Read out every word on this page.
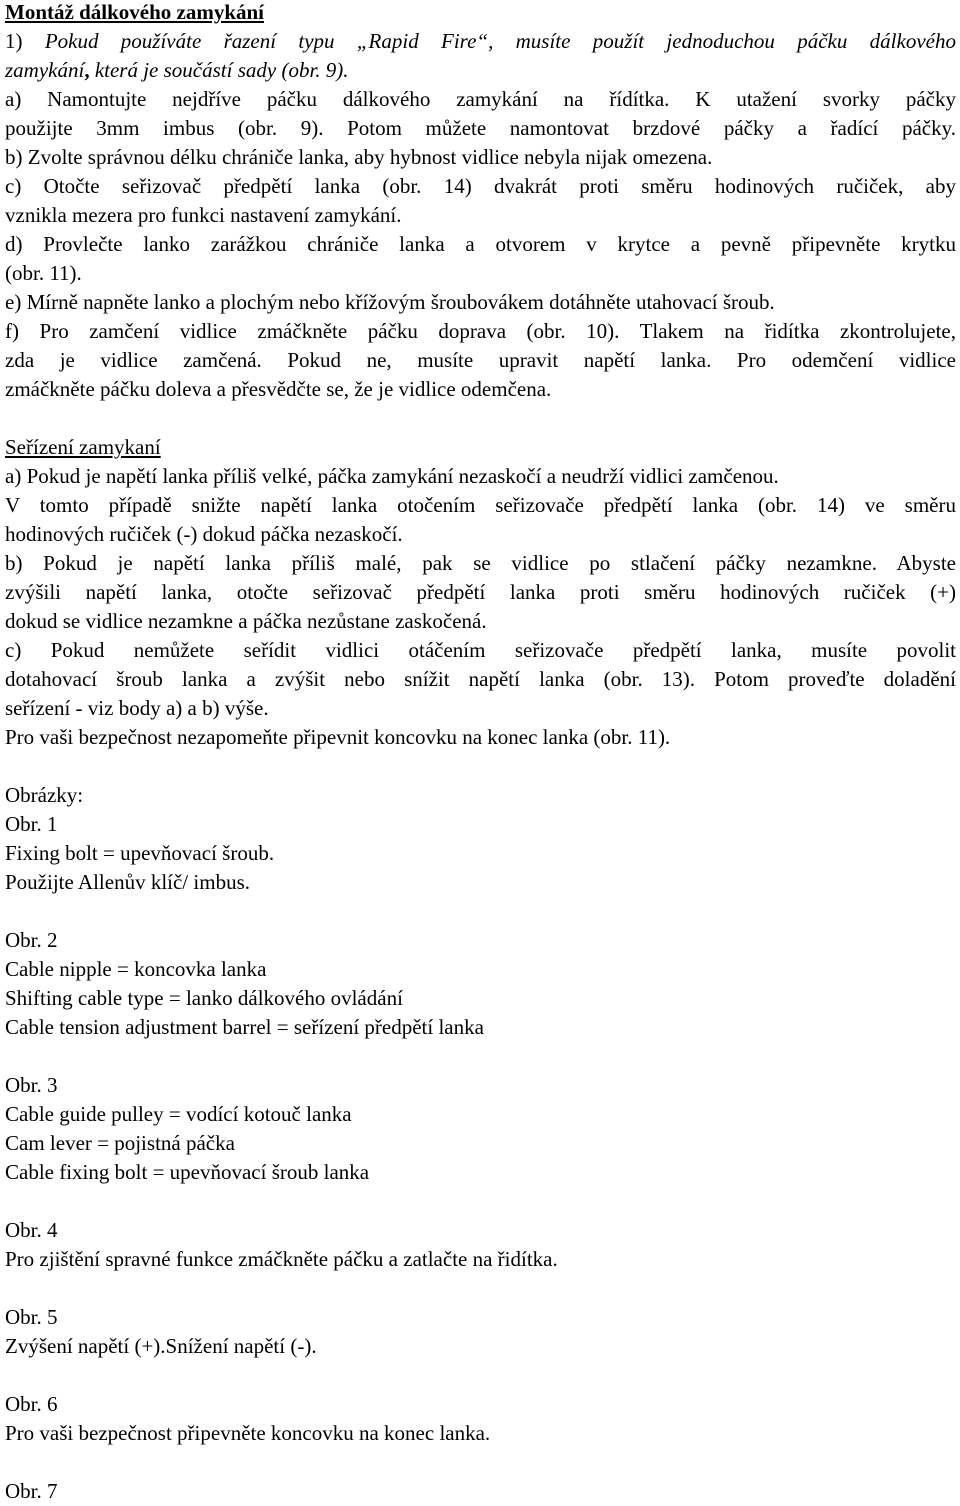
Montáž dálkového zamykání
1) Pokud používáte řazení typu „Rapid Fire“, musíte použít jednoduchou páčku dálkového
zamykání, která je součástí sady (obr. 9).
a) Namontujte nejdříve páčku dálkového zamykání na řídítka. K utažení svorky páčky
použijte 3mm imbus (obr. 9). Potom můžete namontovat brzdové páčky a řadící páčky.
b) Zvolte správnou délku chrániče lanka, aby hybnost vidlice nebyla nijak omezena.
c) Otočte seřizovač předpětí lanka (obr. 14) dvakrát proti směru hodinových ručiček, aby
vznikla mezera pro funkci nastavení zamykání.
d) Provlečte lanko zarážkou chrániče lanka a otvorem v krytce a pevně připevněte krytku
(obr. 11).
e) Mírně napněte lanko a plochým nebo křížovým šroubovákem dotáhněte utahovací šroub.
f) Pro zamčení vidlice zmáčkněte páčku doprava (obr. 10). Tlakem na řidítka zkontrolujete,
zda je vidlice zamčená. Pokud ne, musíte upravit napětí lanka. Pro odemčení vidlice
zmáčkněte páčku doleva a přesvědčte se, že je vidlice odemčena.
Seřízení zamykaní
a) Pokud je napětí lanka příliš velké, páčka zamykání nezaskočí a neudrží vidlici zamčenou.
V tomto případě snižte napětí lanka otočením seřizovače předpětí lanka (obr. 14) ve směru
hodinových ručiček (-) dokud páčka nezaskočí.
b) Pokud je napětí lanka příliš malé, pak se vidlice po stlačení páčky nezamkne. Abyste
zvýšili napětí lanka, otočte seřizovač předpětí lanka proti směru hodinových ručiček (+)
dokud se vidlice nezamkne a páčka nezůstane zaskočená.
c) Pokud nemůžete seřídit vidlici otáčením seřizovače předpětí lanka, musíte povolit
dotahovací šroub lanka a zvýšit nebo snížit napětí lanka (obr. 13). Potom proveďte doladění
seřízení - viz body a) a b) výše.
Pro vaši bezpečnost nezapomeňte připevnit koncovku na konec lanka (obr. 11).
Obrázky:
Obr. 1
Fixing bolt = upevňovací šroub.
Použijte Allenův klíč/ imbus.
Obr. 2
Cable nipple = koncovka lanka
Shifting cable type = lanko dálkového ovládání
Cable tension adjustment barrel = seřízení předpětí lanka
Obr. 3
Cable guide pulley = vodící kotouč lanka
Cam lever = pojistná páčka
Cable fixing bolt = upevňovací šroub lanka
Obr. 4
Pro zjištění spravné funkce zmáčkněte páčku a zatlačte na řidítka.
Obr. 5
Zvýšení napětí (+).Snížení napětí (-).
Obr. 6
Pro vaši bezpečnost připevněte koncovku na konec lanka.
Obr. 7
